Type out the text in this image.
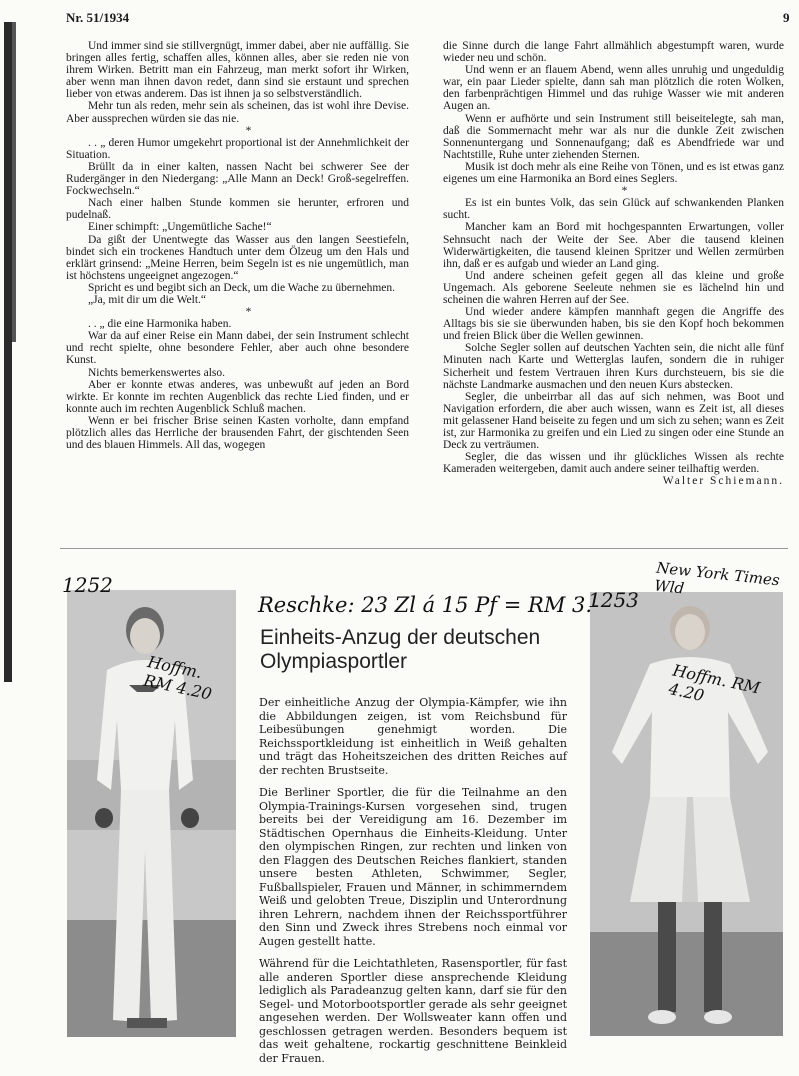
Nr. 51/1934	9

Und immer sind sie stillvergnügt, immer dabei, aber nie auffällig. Sie bringen alles fertig, schaffen alles, können alles, aber sie reden nie von ihrem Wirken. Betritt man ein Fahrzeug, man merkt sofort ihr Wirken, aber wenn man ihnen davon redet, dann sind sie erstaunt und sprechen lieber von etwas anderem. Das ist ihnen ja so selbstverständlich.

Mehr tun als reden, mehr sein als scheinen, das ist wohl ihre Devise. Aber aussprechen würden sie das nie.

*

. . „ deren Humor umgekehrt proportional ist der Annehmlichkeit der Situation.

Brüllt da in einer kalten, nassen Nacht bei schwerer See der Rudergänger in den Niedergang: „Alle Mann an Deck! Groß-segelreffen. Fockwechseln.“

Nach einer halben Stunde kommen sie herunter, erfroren und pudelnaß.

Einer schimpft: „Ungemütliche Sache!“

Da gißt der Unentwegte das Wasser aus den langen Seestiefeln, bindet sich ein trockenes Handtuch unter dem Ölzeug um den Hals und erklärt grinsend: „Meine Herren, beim Segeln ist es nie ungemütlich, man ist höchstens ungeeignet angezogen.“

Spricht es und begibt sich an Deck, um die Wache zu übernehmen.

„Ja, mit dir um die Welt.“

*

. . „ die eine Harmonika haben.

War da auf einer Reise ein Mann dabei, der sein Instrument schlecht und recht spielte, ohne besondere Fehler, aber auch ohne besondere Kunst.

Nichts bemerkenswertes also.

Aber er konnte etwas anderes, was unbewußt auf jeden an Bord wirkte. Er konnte im rechten Augenblick das rechte Lied finden, und er konnte auch im rechten Augenblick Schluß machen.

Wenn er bei frischer Brise seinen Kasten vorholte, dann empfand plötzlich alles das Herrliche der brausenden Fahrt, der gischtenden Seen und des blauen Himmels. All das, wogegen

die Sinne durch die lange Fahrt allmählich abgestumpft waren, wurde wieder neu und schön.

Und wenn er an flauem Abend, wenn alles unruhig und ungeduldig war, ein paar Lieder spielte, dann sah man plötzlich die roten Wolken, den farbenprächtigen Himmel und das ruhige Wasser wie mit anderen Augen an.

Wenn er aufhörte und sein Instrument still beiseitelegte, sah man, daß die Sommernacht mehr war als nur die dunkle Zeit zwischen Sonnenuntergang und Sonnenaufgang; daß es Abendfriede war und Nachtstille, Ruhe unter ziehenden Sternen.

Musik ist doch mehr als eine Reihe von Tönen, und es ist etwas ganz eigenes um eine Harmonika an Bord eines Seglers.

*

Es ist ein buntes Volk, das sein Glück auf schwankenden Planken sucht.

Mancher kam an Bord mit hochgespannten Erwartungen, voller Sehnsucht nach der Weite der See. Aber die tausend kleinen Widerwärtigkeiten, die tausend kleinen Spritzer und Wellen zermürben ihn, daß er es aufgab und wieder an Land ging.

Und andere scheinen gefeit gegen all das kleine und große Ungemach. Als geborene Seeleute nehmen sie es lächelnd hin und scheinen die wahren Herren auf der See.

Und wieder andere kämpfen mannhaft gegen die Angriffe des Alltags bis sie sie überwunden haben, bis sie den Kopf hoch bekommen und freien Blick über die Wellen gewinnen.

Solche Segler sollen auf deutschen Yachten sein, die nicht alle fünf Minuten nach Karte und Wetterglas laufen, sondern die in ruhiger Sicherheit und festem Vertrauen ihren Kurs durchsteuern, bis sie die nächste Landmarke ausmachen und den neuen Kurs abstecken.

Segler, die unbeirrbar all das auf sich nehmen, was Boot und Navigation erfordern, die aber auch wissen, wann es Zeit ist, all dieses mit gelassener Hand beiseite zu fegen und um sich zu sehen; wann es Zeit ist, zur Harmonika zu greifen und ein Lied zu singen oder eine Stunde an Deck zu verträumen.

Segler, die das wissen und ihr glückliches Wissen als rechte Kameraden weitergeben, damit auch andere seiner teilhaftig werden.

Walter Schiemann.

Hoffm. RM 4.20	Hoffm. RM 4.20
1252
1253
New York Times Wld
Reschke: 23 Zl á 15 Pf = RM 3.-
Einheits-Anzug der deutschen Olympiasportler

Der einheitliche Anzug der Olympia-Kämpfer, wie ihn die Abbildungen zeigen, ist vom Reichsbund für Leibesübungen genehmigt worden. Die Reichssportkleidung ist einheitlich in Weiß gehalten und trägt das Hoheitszeichen des dritten Reiches auf der rechten Brustseite.

Die Berliner Sportler, die für die Teilnahme an den Olympia-Trainings-Kursen vorgesehen sind, trugen bereits bei der Vereidigung am 16. Dezember im Städtischen Opernhaus die Einheits-Kleidung. Unter den olympischen Ringen, zur rechten und linken von den Flaggen des Deutschen Reiches flankiert, standen unsere besten Athleten, Schwimmer, Segler, Fußballspieler, Frauen und Männer, in schimmerndem Weiß und gelobten Treue, Disziplin und Unterordnung ihren Lehrern, nachdem ihnen der Reichssportführer den Sinn und Zweck ihres Strebens noch einmal vor Augen gestellt hatte.

Während für die Leichtathleten, Rasensportler, für fast alle anderen Sportler diese ansprechende Kleidung lediglich als Paradeanzug gelten kann, darf sie für den Segel- und Motorbootsportler gerade als sehr geeignet angesehen werden. Der Wollsweater kann offen und geschlossen getragen werden. Besonders bequem ist das weit gehaltene, rockartig geschnittene Beinkleid der Frauen.
